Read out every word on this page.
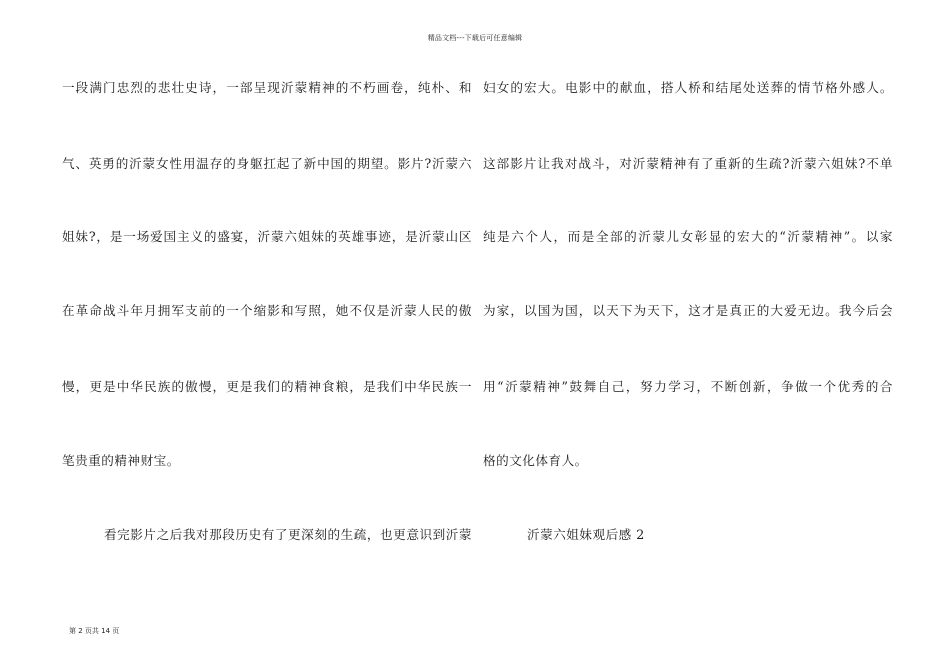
精品文档---下载后可任意编辑
一段满门忠烈的悲壮史诗，一部呈现沂蒙精神的不朽画卷，纯朴、和
气、英勇的沂蒙女性用温存的身躯扛起了新中国的期望。影片?沂蒙六
姐妹?，是一场爱国主义的盛宴，沂蒙六姐妹的英雄事迹，是沂蒙山区
在革命战斗年月拥军支前的一个缩影和写照，她不仅是沂蒙人民的傲
慢，更是中华民族的傲慢，更是我们的精神食粮，是我们中华民族一
笔贵重的精神财宝。
看完影片之后我对那段历史有了更深刻的生疏，也更意识到沂蒙
妇女的宏大。电影中的献血，搭人桥和结尾处送葬的情节格外感人。
这部影片让我对战斗，对沂蒙精神有了重新的生疏?沂蒙六姐妹?不单
纯是六个人，而是全部的沂蒙儿女彰显的宏大的“沂蒙精神”。以家
为家，以国为国，以天下为天下，这才是真正的大爱无边。我今后会
用“沂蒙精神”鼓舞自己，努力学习，不断创新，争做一个优秀的合
格的文化体育人。
沂蒙六姐妹观后感 2
第 2 页共 14 页
